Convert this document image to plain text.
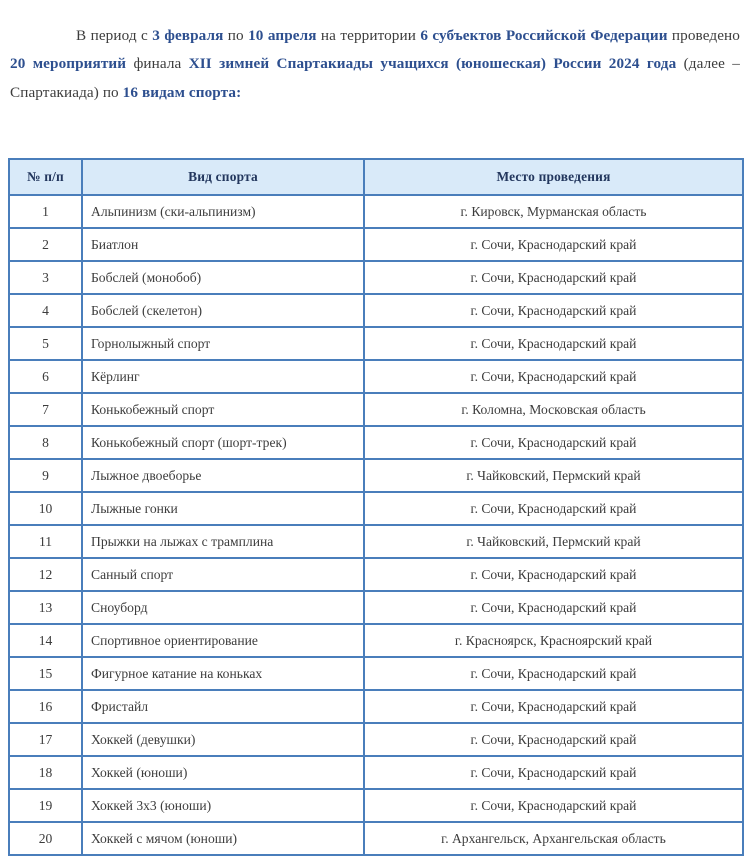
В период с 3 февраля по 10 апреля на территории 6 субъектов Российской Федерации проведено 20 мероприятий финала XII зимней Спартакиады учащихся (юношеская) России 2024 года (далее – Спартакиада) по 16 видам спорта:

№ п/п	Вид спорта	Место проведения
1	Альпинизм (ски-альпинизм)	г. Кировск, Мурманская область
2	Биатлон	г. Сочи, Краснодарский край
3	Бобслей (монобоб)	г. Сочи, Краснодарский край
4	Бобслей (скелетон)	г. Сочи, Краснодарский край
5	Горнолыжный спорт	г. Сочи, Краснодарский край
6	Кёрлинг	г. Сочи, Краснодарский край
7	Конькобежный спорт	г. Коломна, Московская область
8	Конькобежный спорт (шорт-трек)	г. Сочи, Краснодарский край
9	Лыжное двоеборье	г. Чайковский, Пермский край
10	Лыжные гонки	г. Сочи, Краснодарский край
11	Прыжки на лыжах с трамплина	г. Чайковский, Пермский край
12	Санный спорт	г. Сочи, Краснодарский край
13	Сноуборд	г. Сочи, Краснодарский край
14	Спортивное ориентирование	г. Красноярск, Красноярский край
15	Фигурное катание на коньках	г. Сочи, Краснодарский край
16	Фристайл	г. Сочи, Краснодарский край
17	Хоккей (девушки)	г. Сочи, Краснодарский край
18	Хоккей (юноши)	г. Сочи, Краснодарский край
19	Хоккей 3х3 (юноши)	г. Сочи, Краснодарский край
20	Хоккей с мячом (юноши)	г. Архангельск, Архангельская область
